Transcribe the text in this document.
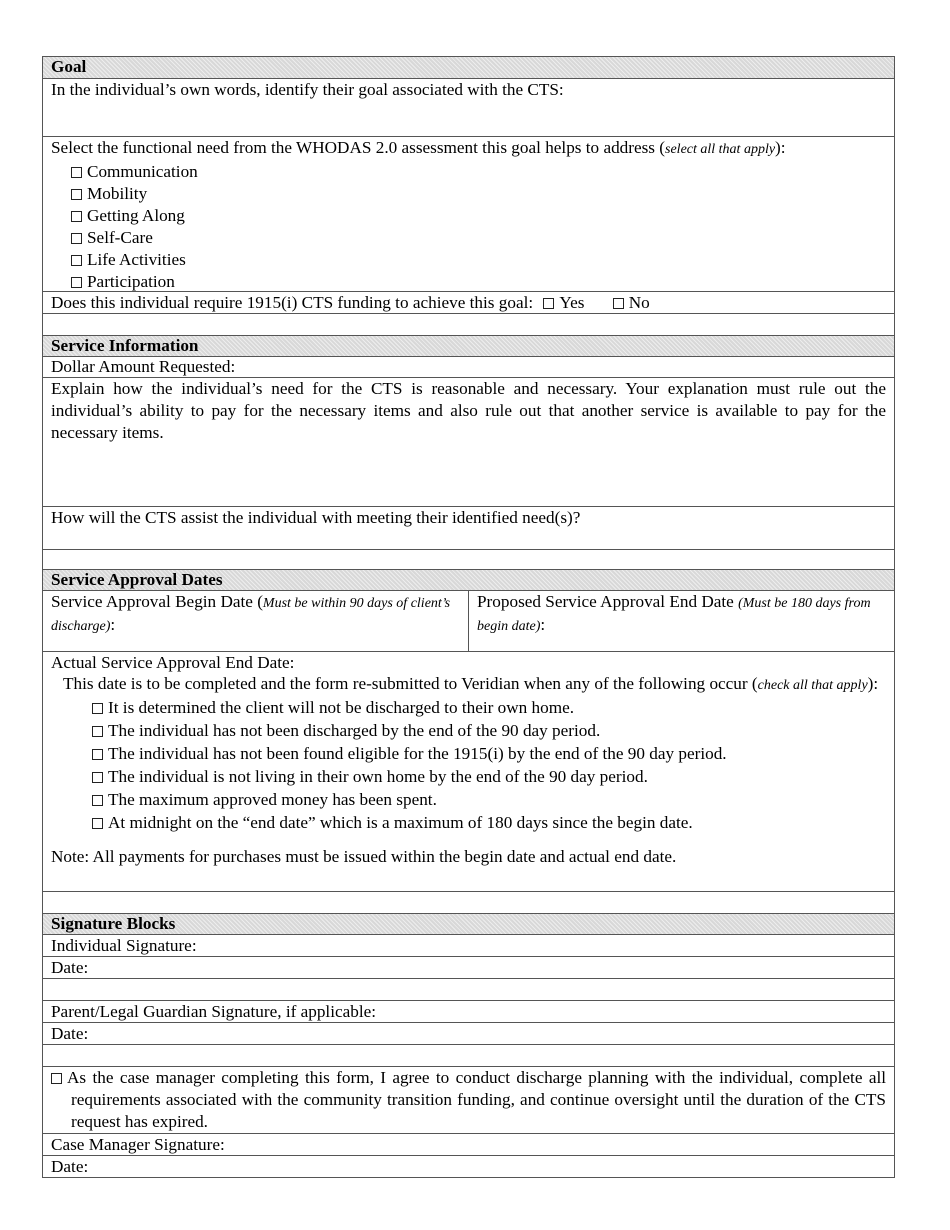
Goal
In the individual’s own words, identify their goal associated with the CTS:
Select the functional need from the WHODAS 2.0 assessment this goal helps to address (select all that apply):
Communication
Mobility
Getting Along
Self-Care
Life Activities
Participation
Does this individual require 1915(i) CTS funding to achieve this goal: Yes	No
Service Information
Dollar Amount Requested:
Explain how the individual’s need for the CTS is reasonable and necessary. Your explanation must rule out the individual’s ability to pay for the necessary items and also rule out that another service is available to pay for the necessary items.
How will the CTS assist the individual with meeting their identified need(s)?
Service Approval Dates
Service Approval Begin Date (Must be within 90 days of client’s discharge):
Proposed Service Approval End Date (Must be 180 days from begin date):
Actual Service Approval End Date:
This date is to be completed and the form re-submitted to Veridian when any of the following occur (check all that apply):
It is determined the client will not be discharged to their own home.
The individual has not been discharged by the end of the 90 day period.
The individual has not been found eligible for the 1915(i) by the end of the 90 day period.
The individual is not living in their own home by the end of the 90 day period.
The maximum approved money has been spent.
At midnight on the “end date” which is a maximum of 180 days since the begin date.
Note: All payments for purchases must be issued within the begin date and actual end date.
Signature Blocks
Individual Signature:
Date:
Parent/Legal Guardian Signature, if applicable:
Date:
As the case manager completing this form, I agree to conduct discharge planning with the individual, complete all requirements associated with the community transition funding, and continue oversight until the duration of the CTS request has expired.
Case Manager Signature:
Date:
